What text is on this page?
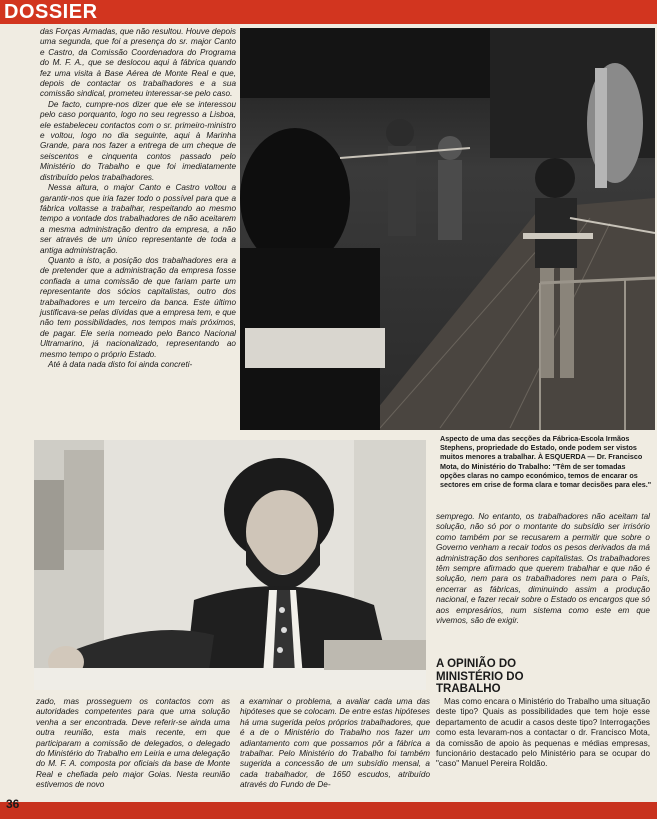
DOSSIER

das Forças Armadas, que não resultou. Houve depois uma segunda, que foi a presença do sr. major Canto e Castro, da Comissão Coordenadora do Programa do M. F. A., que se deslocou aqui à fábrica quando fez uma visita à Base Aérea de Monte Real e que, depois de contactar os trabalhadores e a sua comissão sindical, prometeu interessar-se pelo caso.

De facto, cumpre-nos dizer que ele se interessou pelo caso porquanto, logo no seu regresso a Lisboa, ele estabeleceu contactos com o sr. primeiro-ministro e voltou, logo no dia seguinte, aqui à Marinha Grande, para nos fazer a entrega de um cheque de seiscentos e cinquenta contos passado pelo Ministério do Trabalho e que foi imediatamente distribuído pelos trabalhadores.

Nessa altura, o major Canto e Castro voltou a garantir-nos que iria fazer todo o possível para que a fábrica voltasse a trabalhar, respeitando ao mesmo tempo a vontade dos trabalhadores de não aceitarem a mesma administração dentro da empresa, a não ser através de um único representante de toda a antiga administração.

Quanto a isto, a posição dos trabalhadores era a de pretender que a administração da empresa fosse confiada a uma comissão de que fariam parte um representante dos sócios capitalistas, outro dos trabalhadores e um terceiro da banca. Este último justificava-se pelas dívidas que a empresa tem, e que não tem possibilidades, nos tempos mais próximos, de pagar. Ele seria nomeado pelo Banco Nacional Ultramarino, já nacionalizado, representando ao mesmo tempo o próprio Estado.

Até à data nada disto foi ainda concreti-

Aspecto de uma das secções da Fábrica-Escola Irmãos Stephens, propriedade do Estado, onde podem ser vistos muitos menores a trabalhar. À ESQUERDA — Dr. Francisco Mota, do Ministério do Trabalho: "Têm de ser tomadas opções claras no campo económico, temos de encarar os sectores em crise de forma clara e tomar decisões para eles."

semprego. No entanto, os trabalhadores não aceitam tal solução, não só por o montante do subsídio ser irrisório como também por se recusarem a permitir que sobre o Governo venham a recair todos os pesos derivados da má administração dos senhores capitalistas. Os trabalhadores têm sempre afirmado que querem trabalhar e que não é solução, nem para os trabalhadores nem para o País, encerrar as fábricas, diminuindo assim a produção nacional, e fazer recair sobre o Estado os encargos que só aos empresários, num sistema como este em que vivemos, são de exigir.

A OPINIÃO DO MINISTÉRIO DO TRABALHO

Mas como encara o Ministério do Trabalho uma situação deste tipo? Quais as possibilidades que tem hoje esse departamento de acudir a casos deste tipo? Interrogações como esta levaram-nos a contactar o dr. Francisco Mota, da comissão de apoio às pequenas e médias empresas, funcionário destacado pelo Ministério para se ocupar do "caso" Manuel Pereira Roldão.

zado, mas prosseguem os contactos com as autoridades competentes para que uma solução venha a ser encontrada. Deve referir-se ainda uma outra reunião, esta mais recente, em que participaram a comissão de delegados, o delegado do Ministério do Trabalho em Leiria e uma delegação do M. F. A. composta por oficiais da base de Monte Real e chefiada pelo major Goias. Nesta reunião estivemos de novo

a examinar o problema, a avaliar cada uma das hipóteses que se colocam. De entre estas hipóteses há uma sugerida pelos próprios trabalhadores, que é a de o Ministério do Trabalho nos fazer um adiantamento com que possamos pôr a fábrica a trabalhar. Pelo Ministério do Trabalho foi também sugerida a concessão de um subsídio mensal, a cada trabalhador, de 1650 escudos, atribuído através do Fundo de De-

36
